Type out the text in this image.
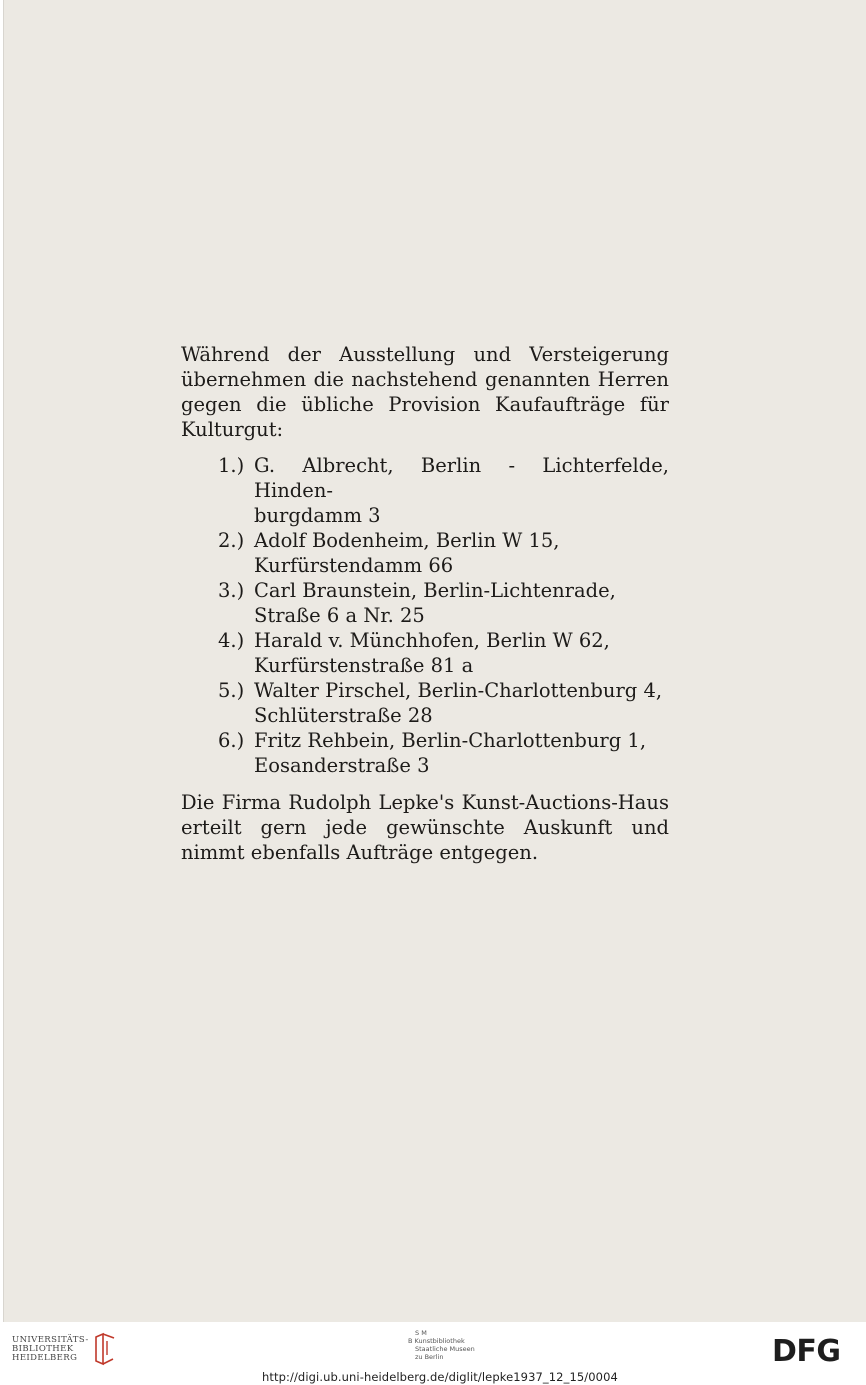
Während der Ausstellung und Versteigerung übernehmen die nachstehend genannten Herren gegen die übliche Provision Kaufaufträge für Kulturgut:

1.) G. Albrecht, Berlin - Lichterfelde, Hinden-
burgdamm 3
2.) Adolf Bodenheim, Berlin W 15,
Kurfürstendamm 66
3.) Carl Braunstein, Berlin-Lichtenrade,
Straße 6 a Nr. 25
4.) Harald v. Münchhofen, Berlin W 62,
Kurfürstenstraße 81 a
5.) Walter Pirschel, Berlin-Charlottenburg 4,
Schlüterstraße 28
6.) Fritz Rehbein, Berlin-Charlottenburg 1,
Eosanderstraße 3

Die Firma Rudolph Lepke's Kunst-Auctions-Haus erteilt gern jede gewünschte Auskunft und nimmt ebenfalls Aufträge entgegen.

UNIVERSITÄTS-
BIBLIOTHEK
HEIDELBERG
S M
B Kunstbibliothek
Staatliche Museen
zu Berlin	DFG
http://digi.ub.uni-heidelberg.de/diglit/lepke1937_12_15/0004
